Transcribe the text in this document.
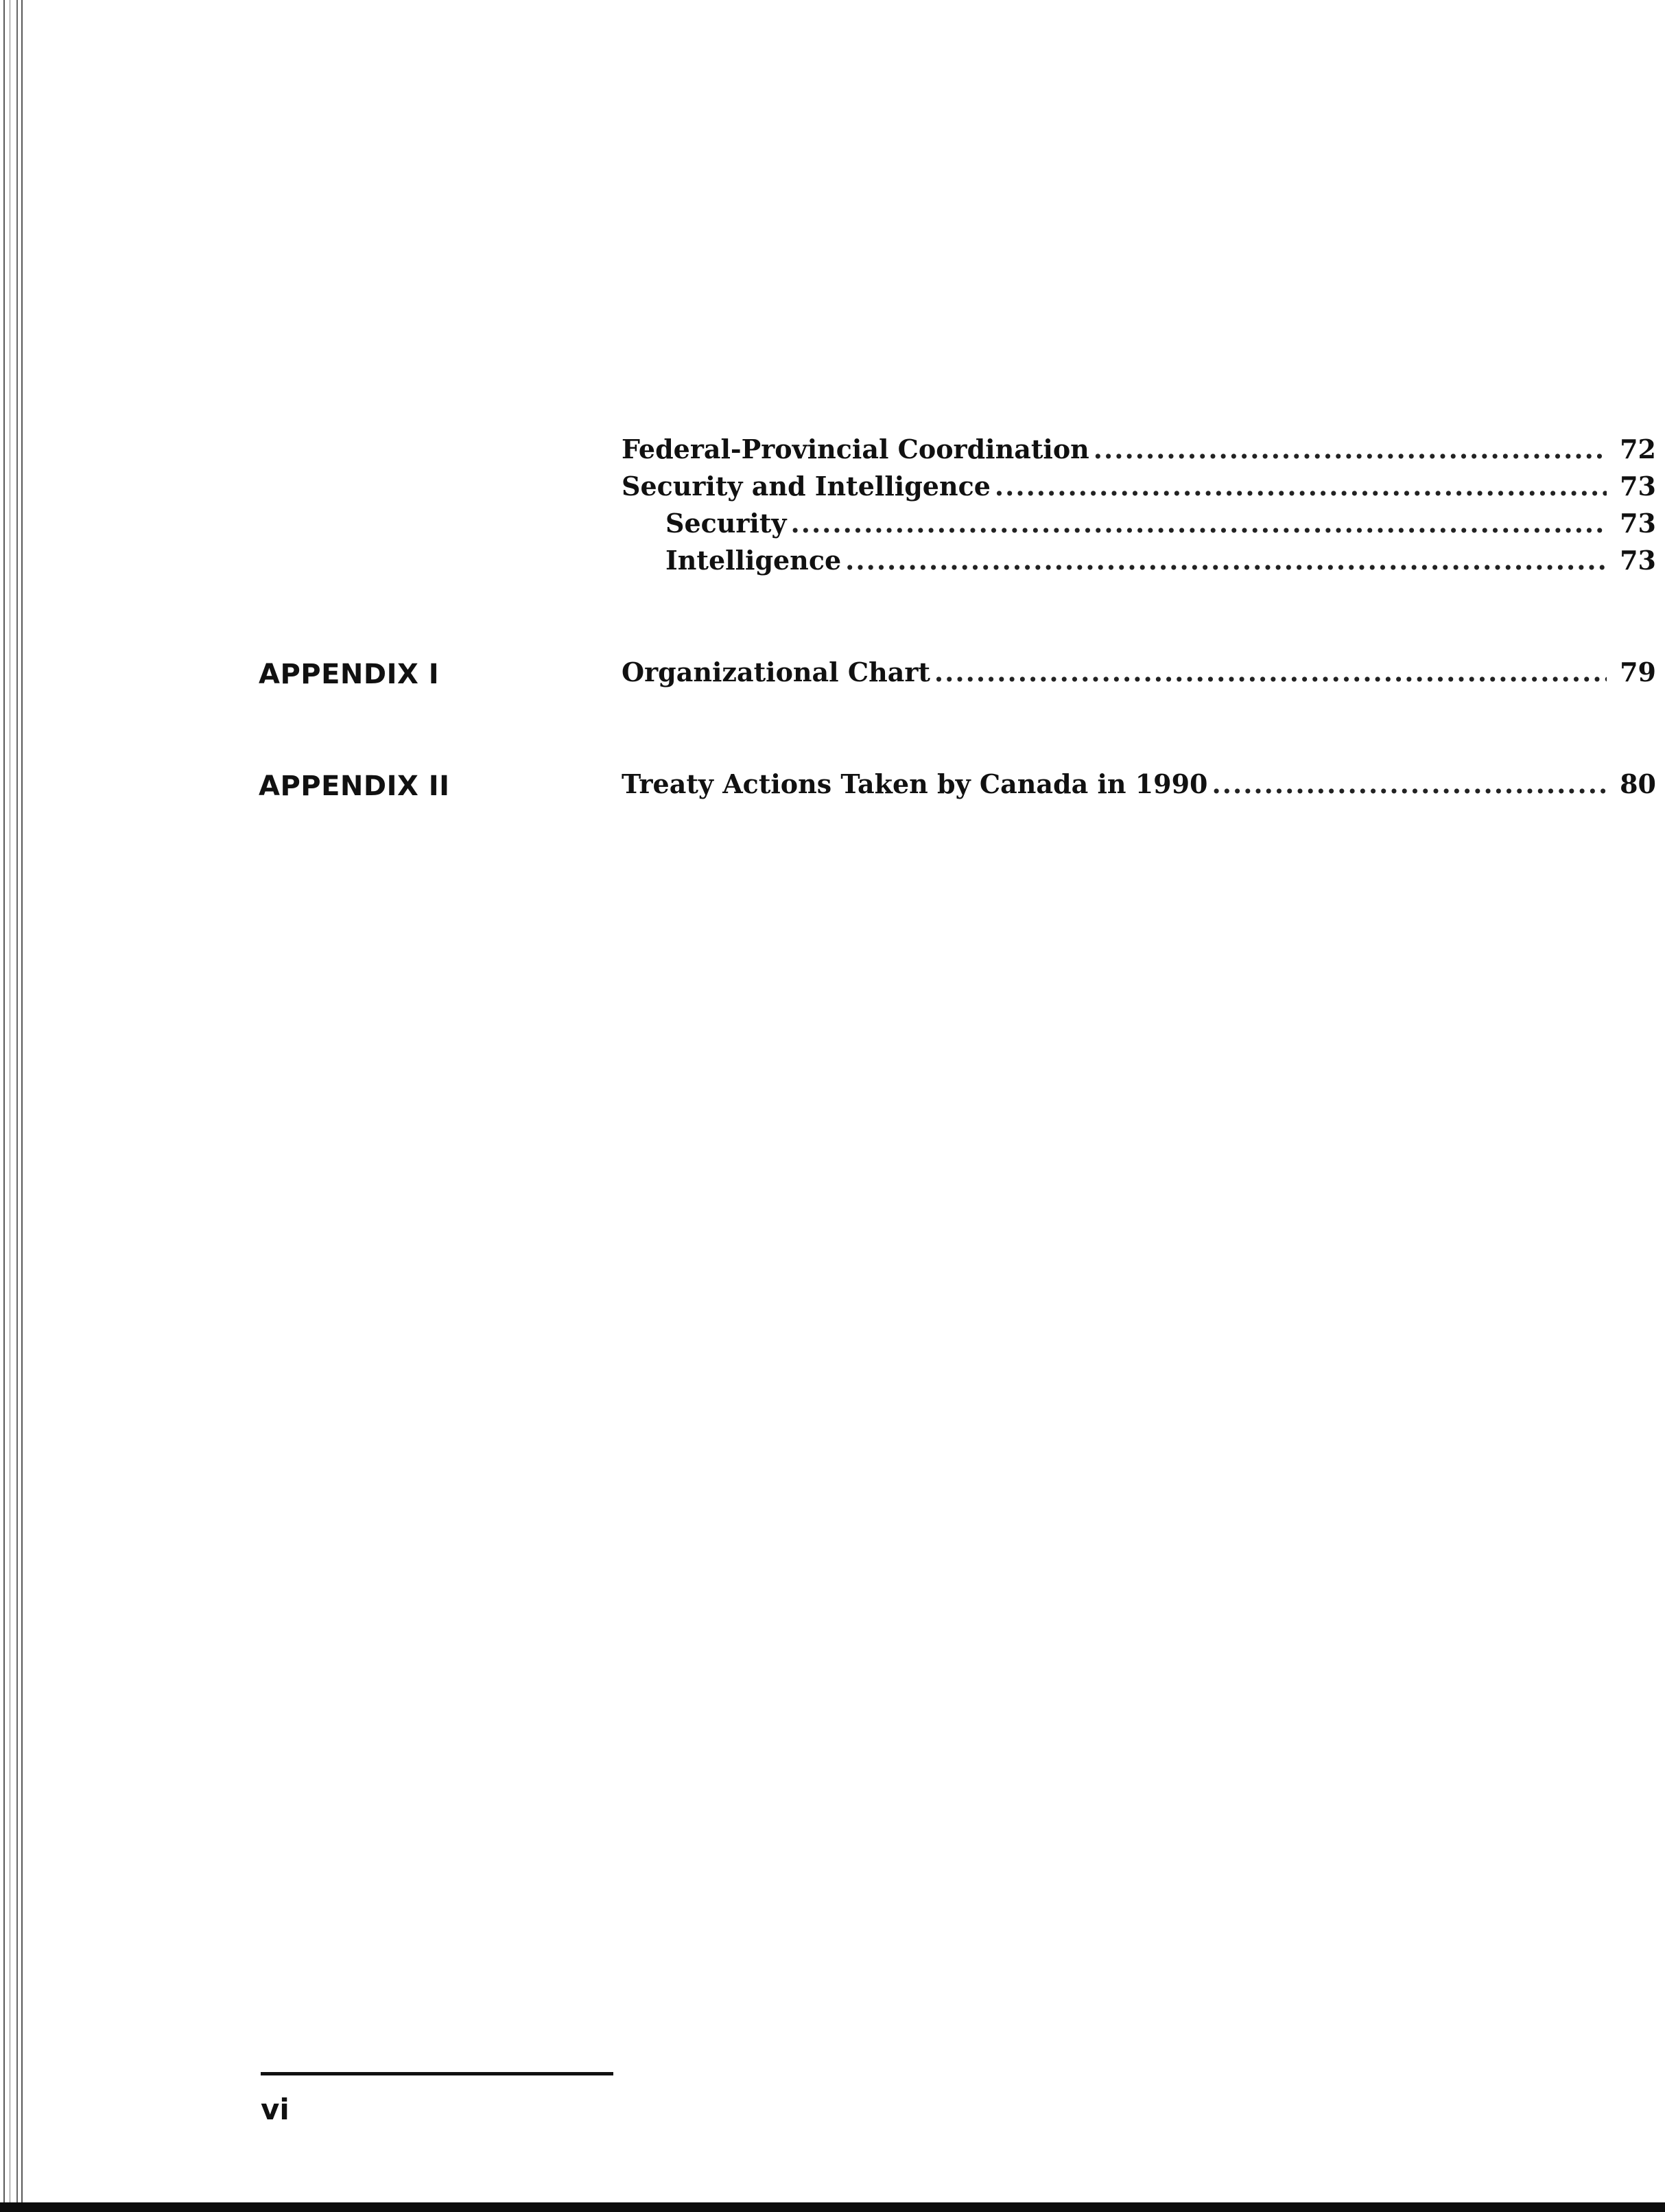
Federal-Provincial Coordination .....	72
Security and Intelligence .....	73
Security .....	73
Intelligence .....	73
APPENDIX I	Organizational Chart .....	79
APPENDIX II	Treaty Actions Taken by Canada in 1990 .....	80
vi
